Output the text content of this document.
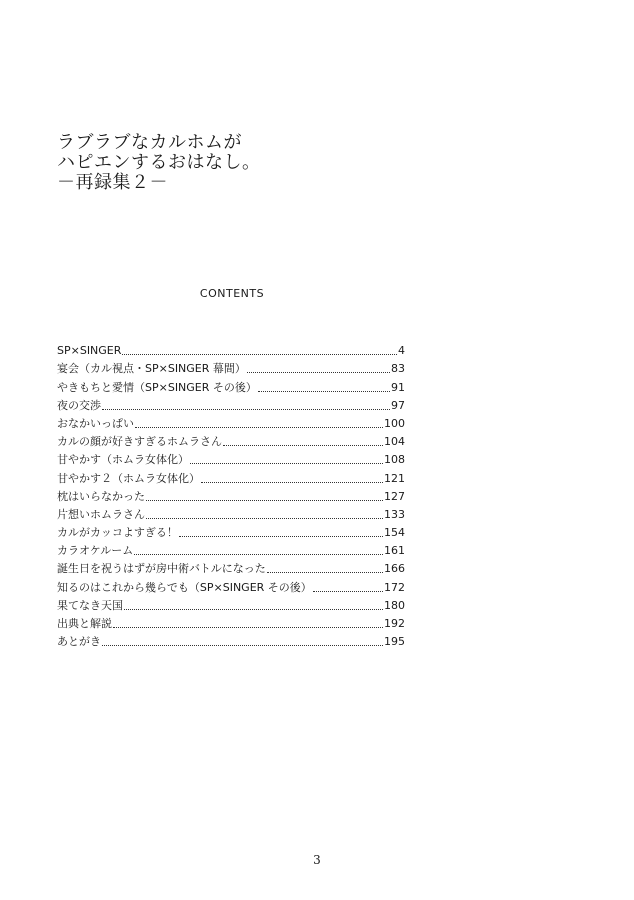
ラブラブなカルホムが
ハピエンするおはなし。
－再録集２－
CONTENTS
SP×SINGER	4
宴会（カル視点・SP×SINGER 幕間）	83
やきもちと愛情（SP×SINGER その後）	91
夜の交渉	97
おなかいっぱい	100
カルの顔が好きすぎるホムラさん	104
甘やかす（ホムラ女体化）	108
甘やかす２（ホムラ女体化）	121
枕はいらなかった	127
片想いホムラさん	133
カルがカッコよすぎる！	154
カラオケルーム	161
誕生日を祝うはずが房中術バトルになった	166
知るのはこれから幾らでも（SP×SINGER その後）	172
果てなき天国	180
出典と解説	192
あとがき	195
3
